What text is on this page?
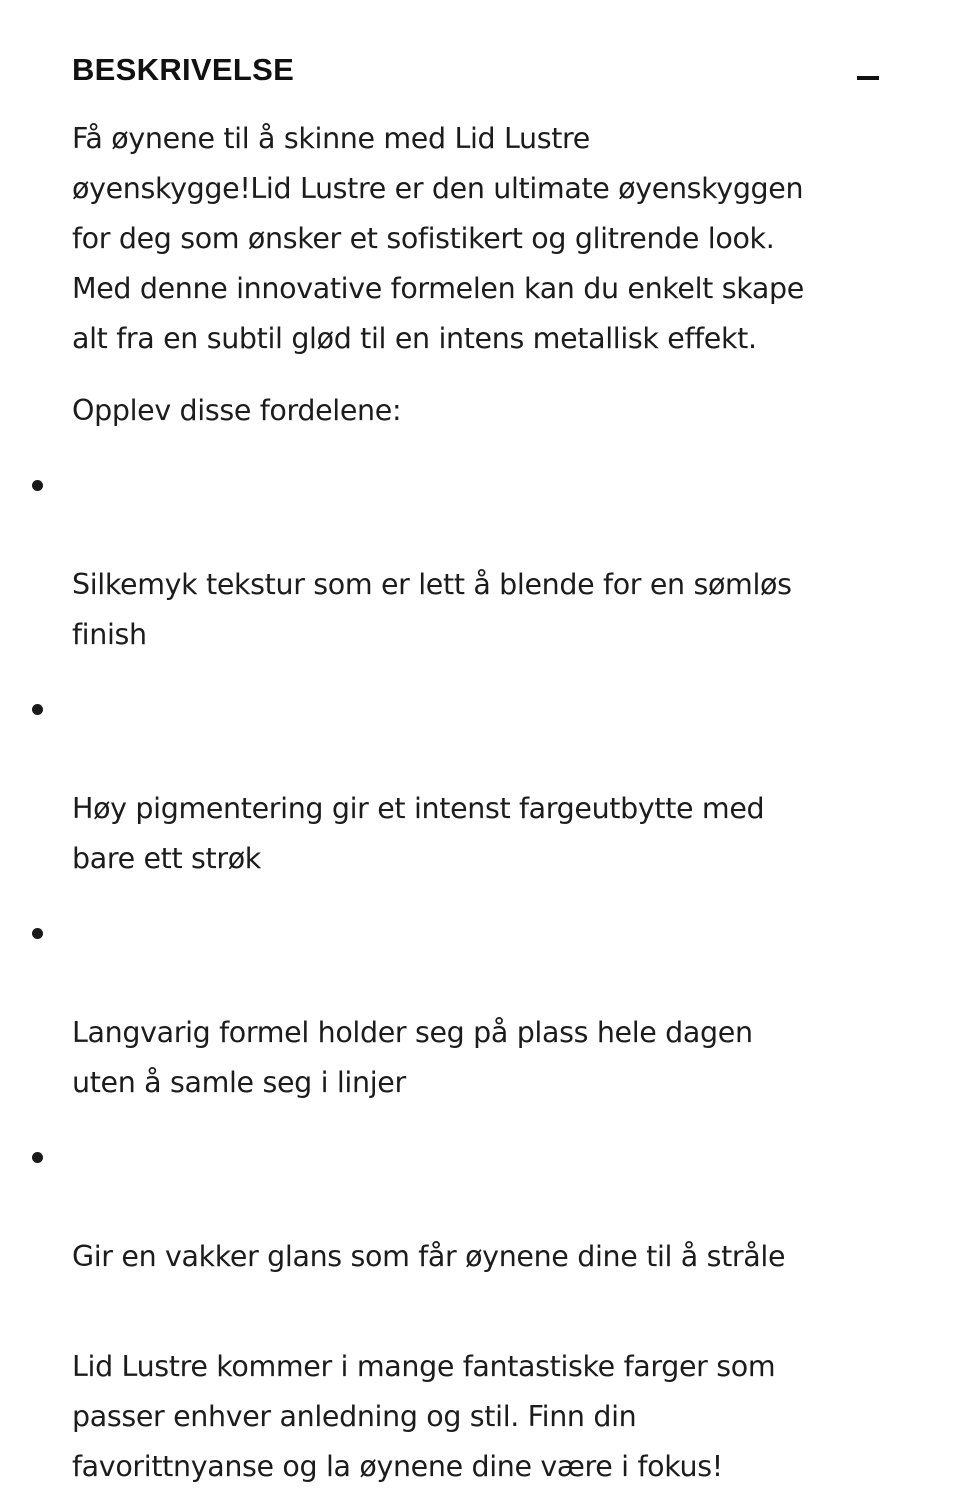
BESKRIVELSE

Få øynene til å skinne med Lid Lustre
øyenskygge!Lid Lustre er den ultimate øyenskyggen
for deg som ønsker et sofistikert og glitrende look.
Med denne innovative formelen kan du enkelt skape
alt fra en subtil glød til en intens metallisk effekt.

Opplev disse fordelene:

Silkemyk tekstur som er lett å blende for en sømløs
finish

Høy pigmentering gir et intenst fargeutbytte med
bare ett strøk

Langvarig formel holder seg på plass hele dagen
uten å samle seg i linjer

Gir en vakker glans som får øynene dine til å stråle

Lid Lustre kommer i mange fantastiske farger som
passer enhver anledning og stil. Finn din
favorittnyanse og la øynene dine være i fokus!
